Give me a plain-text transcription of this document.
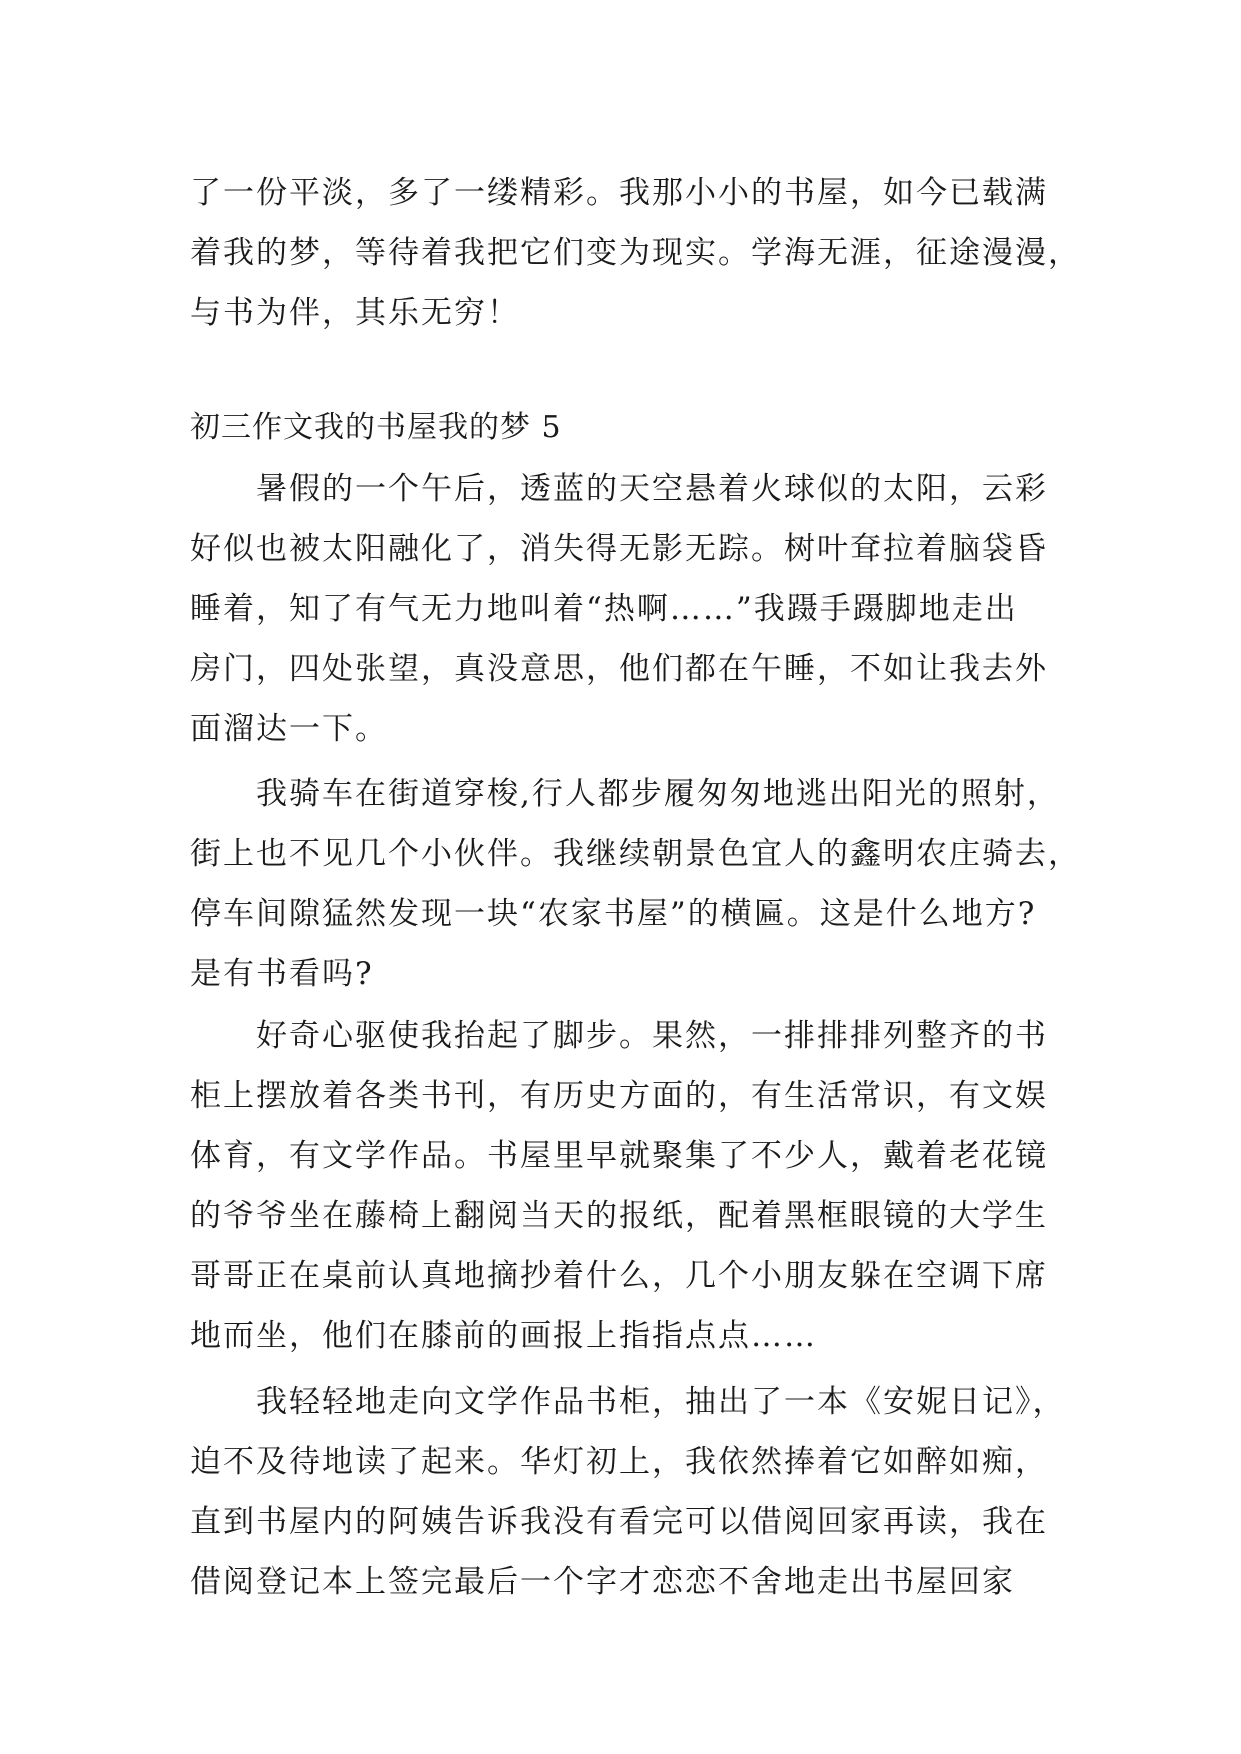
了一份平淡，多了一缕精彩。我那小小的书屋，如今已载满
着我的梦，等待着我把它们变为现实。学海无涯，征途漫漫，
与书为伴，其乐无穷！
初三作文我的书屋我的梦 5
暑假的一个午后，透蓝的天空悬着火球似的太阳，云彩
好似也被太阳融化了，消失得无影无踪。树叶耷拉着脑袋昏
睡着，知了有气无力地叫着“热啊……”我蹑手蹑脚地走出
房门，四处张望，真没意思，他们都在午睡，不如让我去外
面溜达一下。
我骑车在街道穿梭,行人都步履匆匆地逃出阳光的照射，
街上也不见几个小伙伴。我继续朝景色宜人的鑫明农庄骑去，
停车间隙猛然发现一块“农家书屋”的横匾。这是什么地方?
是有书看吗?
好奇心驱使我抬起了脚步。果然，一排排排列整齐的书
柜上摆放着各类书刊，有历史方面的，有生活常识，有文娱
体育，有文学作品。书屋里早就聚集了不少人，戴着老花镜
的爷爷坐在藤椅上翻阅当天的报纸，配着黑框眼镜的大学生
哥哥正在桌前认真地摘抄着什么，几个小朋友躲在空调下席
地而坐，他们在膝前的画报上指指点点……
我轻轻地走向文学作品书柜，抽出了一本《安妮日记》，
迫不及待地读了起来。华灯初上，我依然捧着它如醉如痴，
直到书屋内的阿姨告诉我没有看完可以借阅回家再读，我在
借阅登记本上签完最后一个字才恋恋不舍地走出书屋回家
